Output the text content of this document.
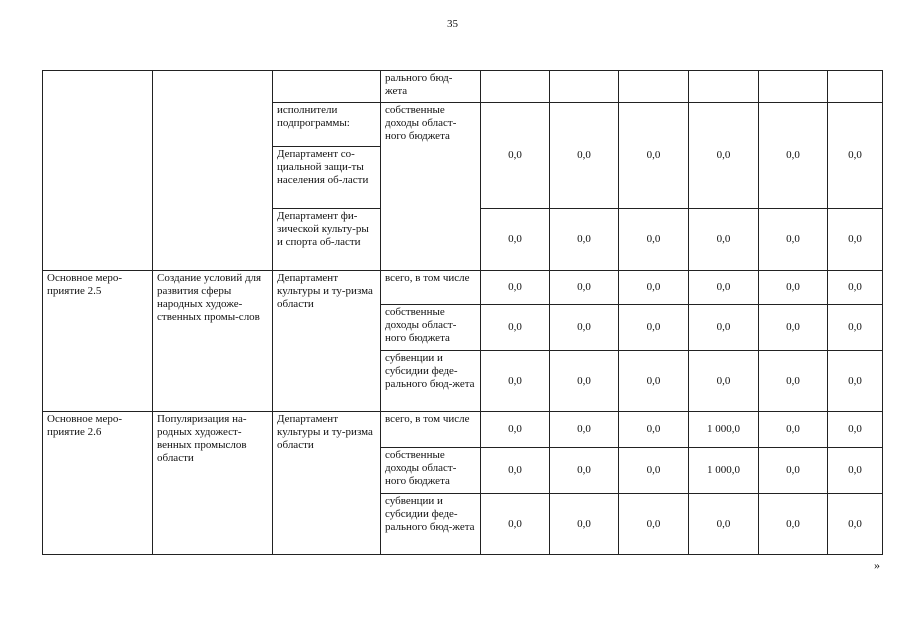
35

			рального бюд-
жета						

		исполнители подпрограммы:	собственные доходы област-ного бюджета	0,0	0,0	0,0	0,0	0,0	0,0

		Департамент со-циальной защи-ты населения об-ласти							

		Департамент фи-зической культу-ры и спорта об-ласти		0,0	0,0	0,0	0,0	0,0	0,0

Основное меро-приятие 2.5	Создание условий для развития сферы народных художе-ственных промы-слов	Департамент культуры и ту-ризма области	всего, в том числе	0,0	0,0	0,0	0,0	0,0	0,0

			собственные доходы област-ного бюджета	0,0	0,0	0,0	0,0	0,0	0,0

			субвенции и субсидии феде-рального бюд-жета	0,0	0,0	0,0	0,0	0,0	0,0

Основное меро-приятие 2.6	Популяризация на-родных художест-венных промыслов области	Департамент культуры и ту-ризма области	всего, в том числе	0,0	0,0	0,0	1 000,0	0,0	0,0

			собственные доходы област-ного бюджета	0,0	0,0	0,0	1 000,0	0,0	0,0

			субвенции и субсидии феде-рального бюд-жета	0,0	0,0	0,0	0,0	0,0	0,0
»
